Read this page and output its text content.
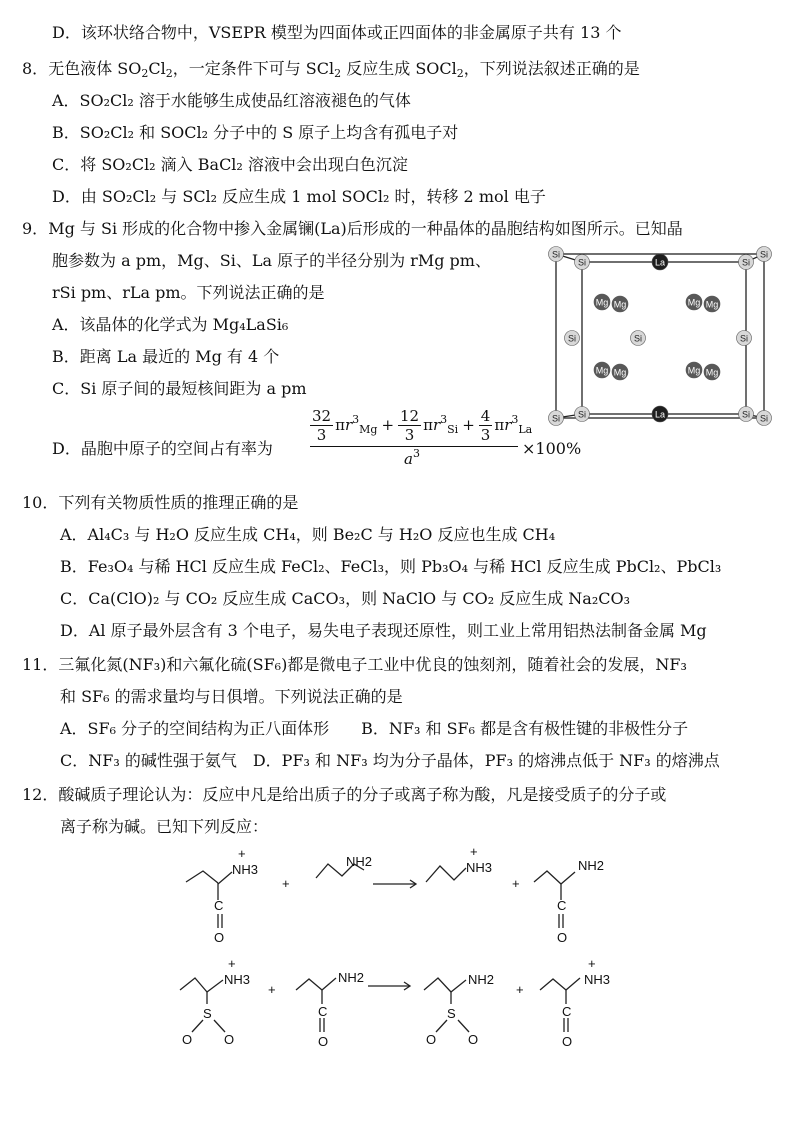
D．该环状络合物中，VSEPR 模型为四面体或正四面体的非金属原子共有 13 个
8．无色液体 $SO_2Cl_2$，一定条件下可与 SCl$_2$ 反应生成 SOCl$_2$，下列说法叙述正确的是
A．SO₂Cl₂ 溶于水能够生成使品红溶液褪色的气体
B．SO₂Cl₂ 和 SOCl₂ 分子中的 S 原子上均含有孤电子对
C．将 SO₂Cl₂ 滴入 BaCl₂ 溶液中会出现白色沉淀
D．由 SO₂Cl₂ 与 SCl₂ 反应生成 1 mol SOCl₂ 时，转移 2 mol 电子
9．Mg 与 Si 形成的化合物中掺入金属镧(La)后形成的一种晶体的晶胞结构如图所示。已知晶
胞参数为 a pm，Mg、Si、La 原子的半径分别为 rMg pm、
rSi pm、rLa pm。下列说法正确的是
A．该晶体的化学式为 Mg₄LaSi₆
B．距离 La 最近的 Mg 有 4 个
C．Si 原子间的最短核间距为 a pm
D．晶胞中原子的空间占有率为
$\frac{32}{3} \pi r^3_{Mg} + \frac{12}{3} \pi r^3_{Si} + \frac{4}{3} \pi r^3_{La}$
$a^3$	×100%
Si	Si
Si	Si
Si	Si
Si	Si
Si	Si
Si
La
La
Mg Mg	Mg Mg
Mg Mg	Mg Mg
10．下列有关物质性质的推理正确的是
A．Al₄C₃ 与 H₂O 反应生成 CH₄，则 Be₂C 与 H₂O 反应也生成 CH₄
B．Fe₃O₄ 与稀 HCl 反应生成 FeCl₂、FeCl₃，则 Pb₃O₄ 与稀 HCl 反应生成 PbCl₂、PbCl₃
C．Ca(ClO)₂ 与 CO₂ 反应生成 CaCO₃，则 NaClO 与 CO₂ 反应生成 Na₂CO₃
D．Al 原子最外层含有 3 个电子，易失电子表现还原性，则工业上常用铝热法制备金属 Mg
11．三氟化氮(NF₃)和六氟化硫(SF₆)都是微电子工业中优良的蚀刻剂，随着社会的发展，NF₃
和 SF₆ 的需求量均与日俱增。下列说法正确的是
A．SF₆ 分子的空间结构为正八面体形　　B．NF₃ 和 SF₆ 都是含有极性键的非极性分子
C．NF₃ 的碱性强于氨气　D．PF₃ 和 NF₃ 均为分子晶体，PF₃ 的熔沸点低于 NF₃ 的熔沸点
12．酸碱质子理论认为：反应中凡是给出质子的分子或离子称为酸，凡是接受质子的分子或
离子称为碱。已知下列反应：
+
NH3
C
O
+
NH2
+
NH3
+
NH2
C
O
+
NH3
S
O O
+
NH2
C
O
NH2
S
O O
+
+
NH3
C
O
